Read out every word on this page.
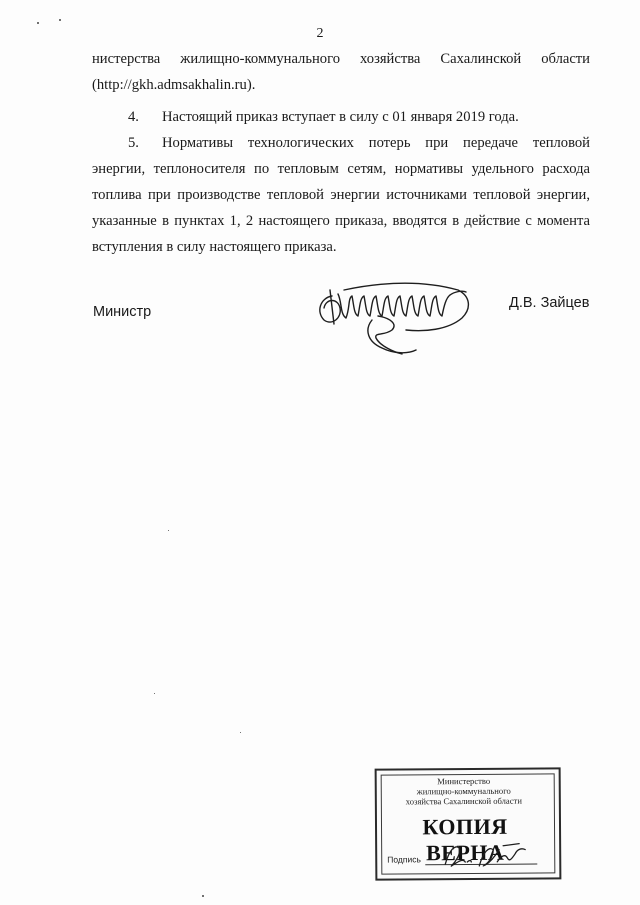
2
нистерства жилищно-коммунального хозяйства Сахалинской области (http://gkh.admsakhalin.ru).
4. Настоящий приказ вступает в силу с 01 января 2019 года.
5. Нормативы технологических потерь при передаче тепловой энергии, теплоносителя по тепловым сетям, нормативы удельного расхода топлива при производстве тепловой энергии источниками тепловой энергии, указанные в пунктах 1, 2 настоящего приказа, вводятся в действие с момента вступления в силу настоящего приказа.
Министр
Д.В. Зайцев
Министерство
жилищно-коммунального
хозяйства Сахалинской области
КОПИЯ ВЕРНА
Подпись
